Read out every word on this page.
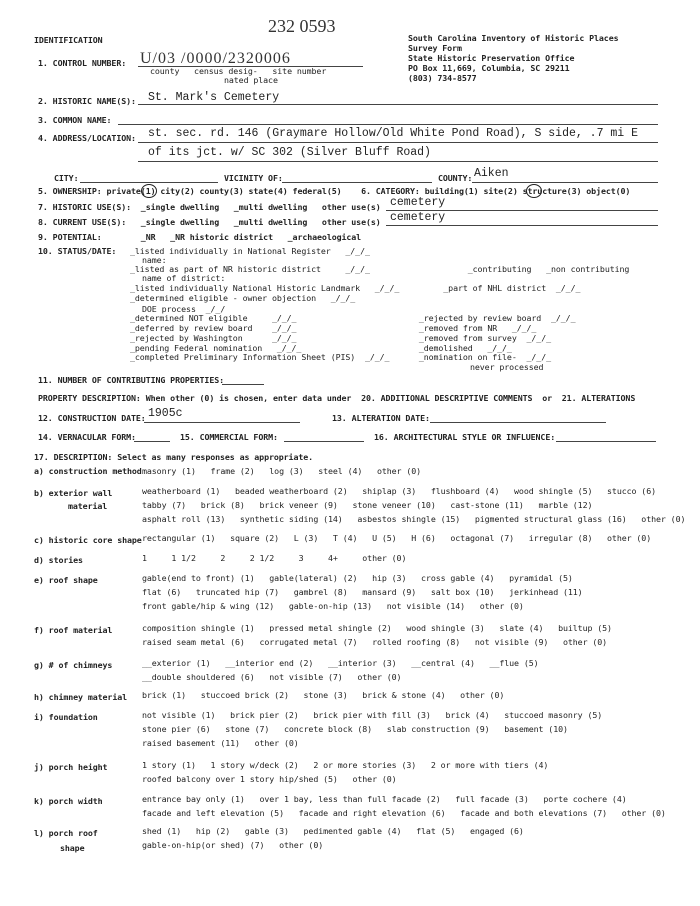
IDENTIFICATION
232 0593
South Carolina Inventory of Historic Places
Survey Form
State Historic Preservation Office
PO Box 11,669, Columbia, SC 29211
(803) 734-8577
1. CONTROL NUMBER: U/03 /0000/2320006
county   census desig-   site number
nated place
2. HISTORIC NAME(S): St. Mark's Cemetery
3. COMMON NAME:
4. ADDRESS/LOCATION: st. sec. rd. 146 (Graymare Hollow/Old White Pond Road), S side, .7 mi E
of its jct. w/ SC 302 (Silver Bluff Road)
CITY:	VICINITY OF:	COUNTY: Aiken
5. OWNERSHIP: private(1) city(2) county(3) state(4) federal(5)    6. CATEGORY: building(1) site(2) structure(3) object(0)
7. HISTORIC USE(S):  _single dwelling   _multi dwelling   other use(s) cemetery
8. CURRENT USE(S):   _single dwelling   _multi dwelling   other use(s) cemetery
9. POTENTIAL:        _NR   _NR historic district   _archaeological
10. STATUS/DATE: _listed individually in National Register   _/_/_
name:
_listed as part of NR historic district     _/_/_                    _contributing   _non contributing
name of district:
_listed individually National Historic Landmark   _/_/_         _part of NHL district  _/_/_
_determined eligible - owner objection   _/_/_
DOE process  _/_/
_determined NOT eligible     _/_/_                         _rejected by review board  _/_/_
_deferred by review board    _/_/_                         _removed from NR   _/_/_
_rejected by Washington      _/_/_                         _removed from survey  _/_/_
_pending Federal nomination   _/_/_                        _demolished   _/_/_
_completed Preliminary Information Sheet (PIS)  _/_/_      _nomination on file-  _/_/_
never processed
11. NUMBER OF CONTRIBUTING PROPERTIES:
PROPERTY DESCRIPTION: When other (0) is chosen, enter data under  20. ADDITIONAL DESCRIPTIVE COMMENTS  or  21. ALTERATIONS
12. CONSTRUCTION DATE: 1905c	13. ALTERATION DATE:
14. VERNACULAR FORM:	15. COMMERCIAL FORM:	16. ARCHITECTURAL STYLE OR INFLUENCE:
17. DESCRIPTION: Select as many responses as appropriate.
a) construction method masonry (1)   frame (2)   log (3)   steel (4)   other (0)
b) exterior wall
material
weatherboard (1)   beaded weatherboard (2)   shiplap (3)   flushboard (4)   wood shingle (5)   stucco (6)
tabby (7)   brick (8)   brick veneer (9)   stone veneer (10)   cast-stone (11)   marble (12)
asphalt roll (13)   synthetic siding (14)   asbestos shingle (15)   pigmented structural glass (16)   other (0)
c) historic core shape rectangular (1)   square (2)   L (3)   T (4)   U (5)   H (6)   octagonal (7)   irregular (8)   other (0)
d) stories	1     1 1/2     2     2 1/2     3     4+     other (0)
e) roof shape	gable(end to front) (1)   gable(lateral) (2)   hip (3)   cross gable (4)   pyramidal (5)
flat (6)   truncated hip (7)   gambrel (8)   mansard (9)   salt box (10)   jerkinhead (11)
front gable/hip & wing (12)   gable-on-hip (13)   not visible (14)   other (0)
f) roof material	composition shingle (1)   pressed metal shingle (2)   wood shingle (3)   slate (4)   builtup (5)
raised seam metal (6)   corrugated metal (7)   rolled roofing (8)   not visible (9)   other (0)
g) # of chimneys	__exterior (1)   __interior end (2)   __interior (3)   __central (4)   __flue (5)
__double shouldered (6)   not visible (7)   other (0)
h) chimney material brick (1)   stuccoed brick (2)   stone (3)   brick & stone (4)   other (0)
i) foundation	not visible (1)   brick pier (2)   brick pier with fill (3)   brick (4)   stuccoed masonry (5)
stone pier (6)   stone (7)   concrete block (8)   slab construction (9)   basement (10)
raised basement (11)   other (0)
j) porch height	1 story (1)   1 story w/deck (2)   2 or more stories (3)   2 or more with tiers (4)
roofed balcony over 1 story hip/shed (5)   other (0)
k) porch width	entrance bay only (1)   over 1 bay, less than full facade (2)   full facade (3)   porte cochere (4)
facade and left elevation (5)   facade and right elevation (6)   facade and both elevations (7)   other (0)
l) porch roof
shape
shed (1)   hip (2)   gable (3)   pedimented gable (4)   flat (5)   engaged (6)
gable-on-hip(or shed) (7)   other (0)
